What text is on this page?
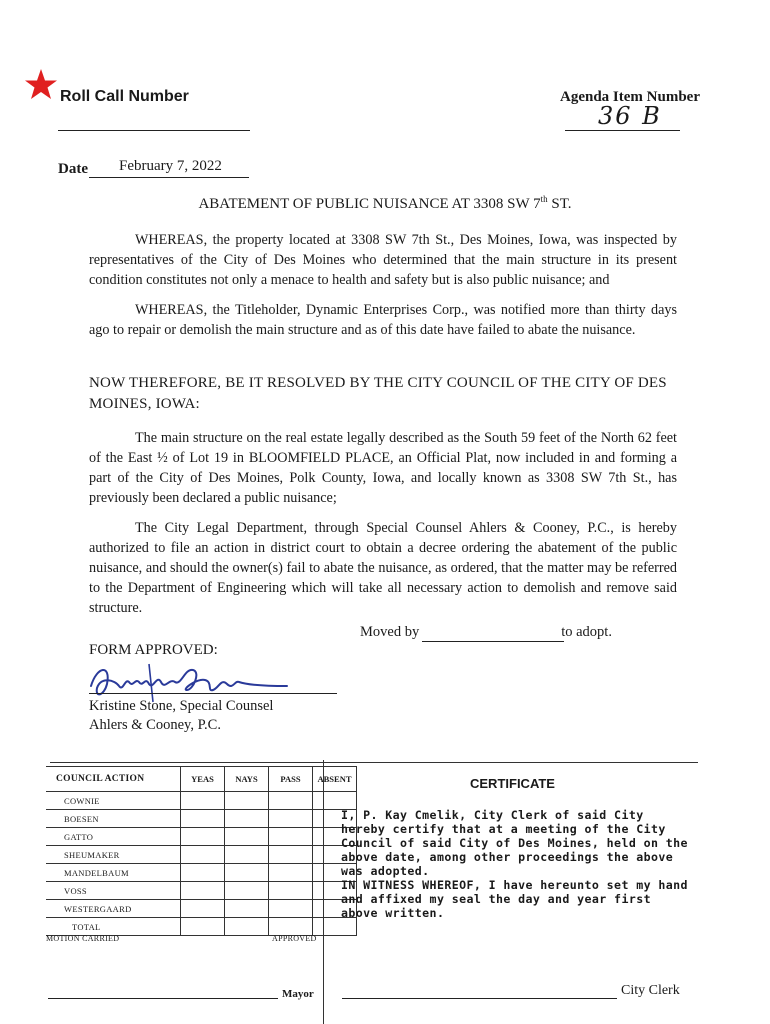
Roll Call Number	Agenda Item Number
36 B
Date February 7, 2022
ABATEMENT OF PUBLIC NUISANCE AT 3308 SW 7th ST.
WHEREAS, the property located at 3308 SW 7th St., Des Moines, Iowa, was inspected by representatives of the City of Des Moines who determined that the main structure in its present condition constitutes not only a menace to health and safety but is also public nuisance; and
WHEREAS, the Titleholder, Dynamic Enterprises Corp., was notified more than thirty days ago to repair or demolish the main structure and as of this date have failed to abate the nuisance.
NOW THEREFORE, BE IT RESOLVED BY THE CITY COUNCIL OF THE CITY OF DES MOINES, IOWA:
The main structure on the real estate legally described as the South 59 feet of the North 62 feet of the East ½ of Lot 19 in BLOOMFIELD PLACE, an Official Plat, now included in and forming a part of the City of Des Moines, Polk County, Iowa, and locally known as 3308 SW 7th St., has previously been declared a public nuisance;
The City Legal Department, through Special Counsel Ahlers & Cooney, P.C., is hereby authorized to file an action in district court to obtain a decree ordering the abatement of the public nuisance, and should the owner(s) fail to abate the nuisance, as ordered, that the matter may be referred to the Department of Engineering which will take all necessary action to demolish and remove said structure.
Moved by	to adopt.
FORM APPROVED:
Kristine Stone, Special Counsel
Ahlers & Cooney, P.C.
COUNCIL ACTION	YEAS	NAYS	PASS	ABSENT
COWNIE				
BOESEN				
GATTO				
SHEUMAKER				
MANDELBAUM				
VOSS				
WESTERGAARD				
TOTAL				
MOTION CARRIED	APPROVED
Mayor
CERTIFICATE
I, P. Kay Cmelik, City Clerk of said City hereby certify that at a meeting of the City Council of said City of Des Moines, held on the above date, among other proceedings the above was adopted.
IN WITNESS WHEREOF, I have hereunto set my hand and affixed my seal the day and year first above written.
City Clerk
